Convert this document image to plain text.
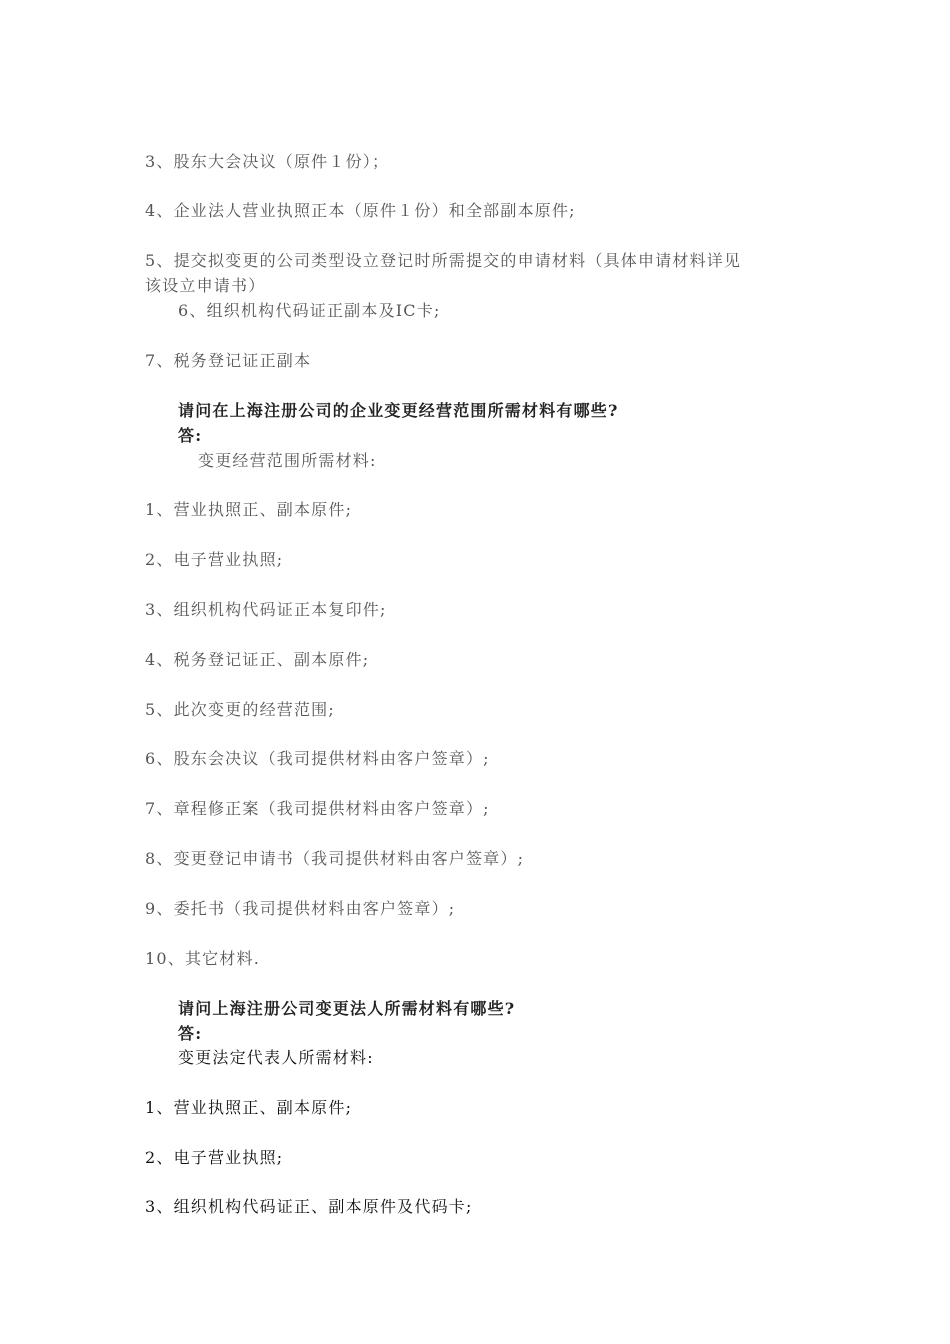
3、股东大会决议（原件１份）；
4、企业法人营业执照正本（原件１份）和全部副本原件;
5、提交拟变更的公司类型设立登记时所需提交的申请材料（具体申请材料详见
该设立申请书）
6、组织机构代码证正副本及IC卡;
7、税务登记证正副本
请问在上海注册公司的企业变更经营范围所需材料有哪些?
答:
变更经营范围所需材料:
1、营业执照正、副本原件;
2、电子营业执照;
3、组织机构代码证正本复印件;
4、税务登记证正、副本原件;
5、此次变更的经营范围;
6、股东会决议（我司提供材料由客户签章）;
7、章程修正案（我司提供材料由客户签章）;
8、变更登记申请书（我司提供材料由客户签章）;
9、委托书（我司提供材料由客户签章）;
10、其它材料.
请问上海注册公司变更法人所需材料有哪些?
答:
变更法定代表人所需材料:
1、营业执照正、副本原件;
2、电子营业执照;
3、组织机构代码证正、副本原件及代码卡;
